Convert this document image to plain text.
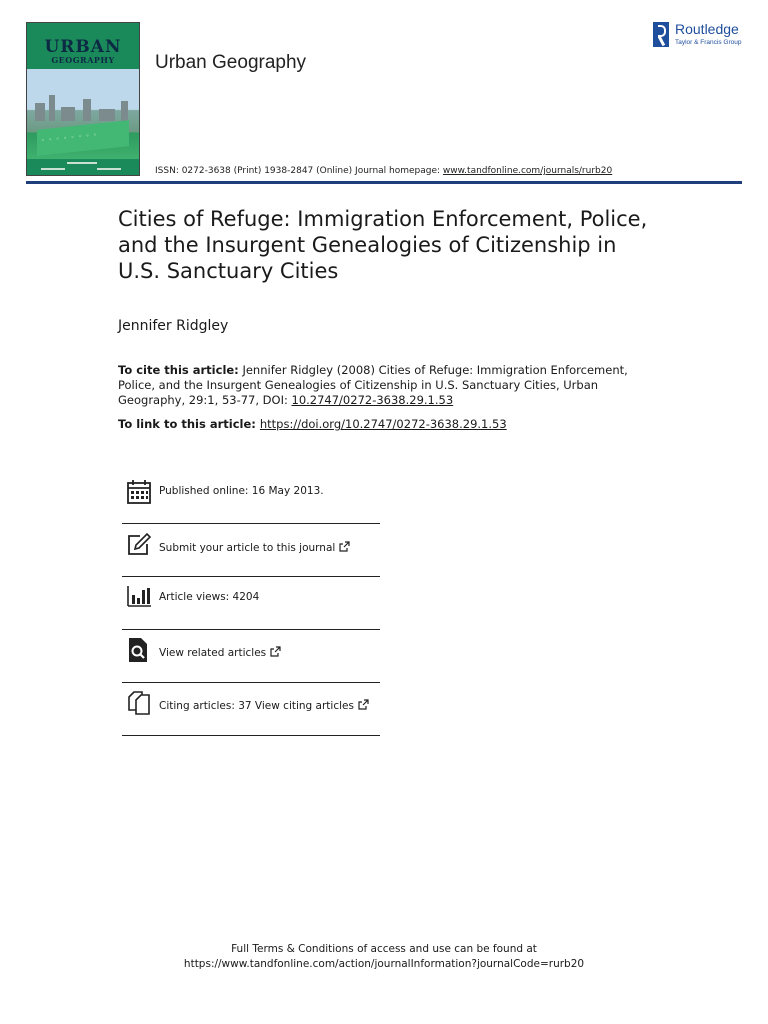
URBAN
GEOGRAPHY
◦ ◦ ◦ ◦ ◦ ◦ ◦ ◦
Urban Geography
ISSN: 0272-3638 (Print) 1938-2847 (Online) Journal homepage: www.tandfonline.com/journals/rurb20
Routledge
Taylor & Francis Group
Cities of Refuge: Immigration Enforcement, Police, and the Insurgent Genealogies of Citizenship in U.S. Sanctuary Cities
Jennifer Ridgley
To cite this article: Jennifer Ridgley (2008) Cities of Refuge: Immigration Enforcement, Police, and the Insurgent Genealogies of Citizenship in U.S. Sanctuary Cities, Urban Geography, 29:1, 53-77, DOI: 10.2747/0272-3638.29.1.53
To link to this article: https://doi.org/10.2747/0272-3638.29.1.53
Published online: 16 May 2013.
Submit your article to this journal
Article views: 4204
View related articles
Citing articles: 37 View citing articles
Full Terms & Conditions of access and use can be found at
https://www.tandfonline.com/action/journalInformation?journalCode=rurb20
